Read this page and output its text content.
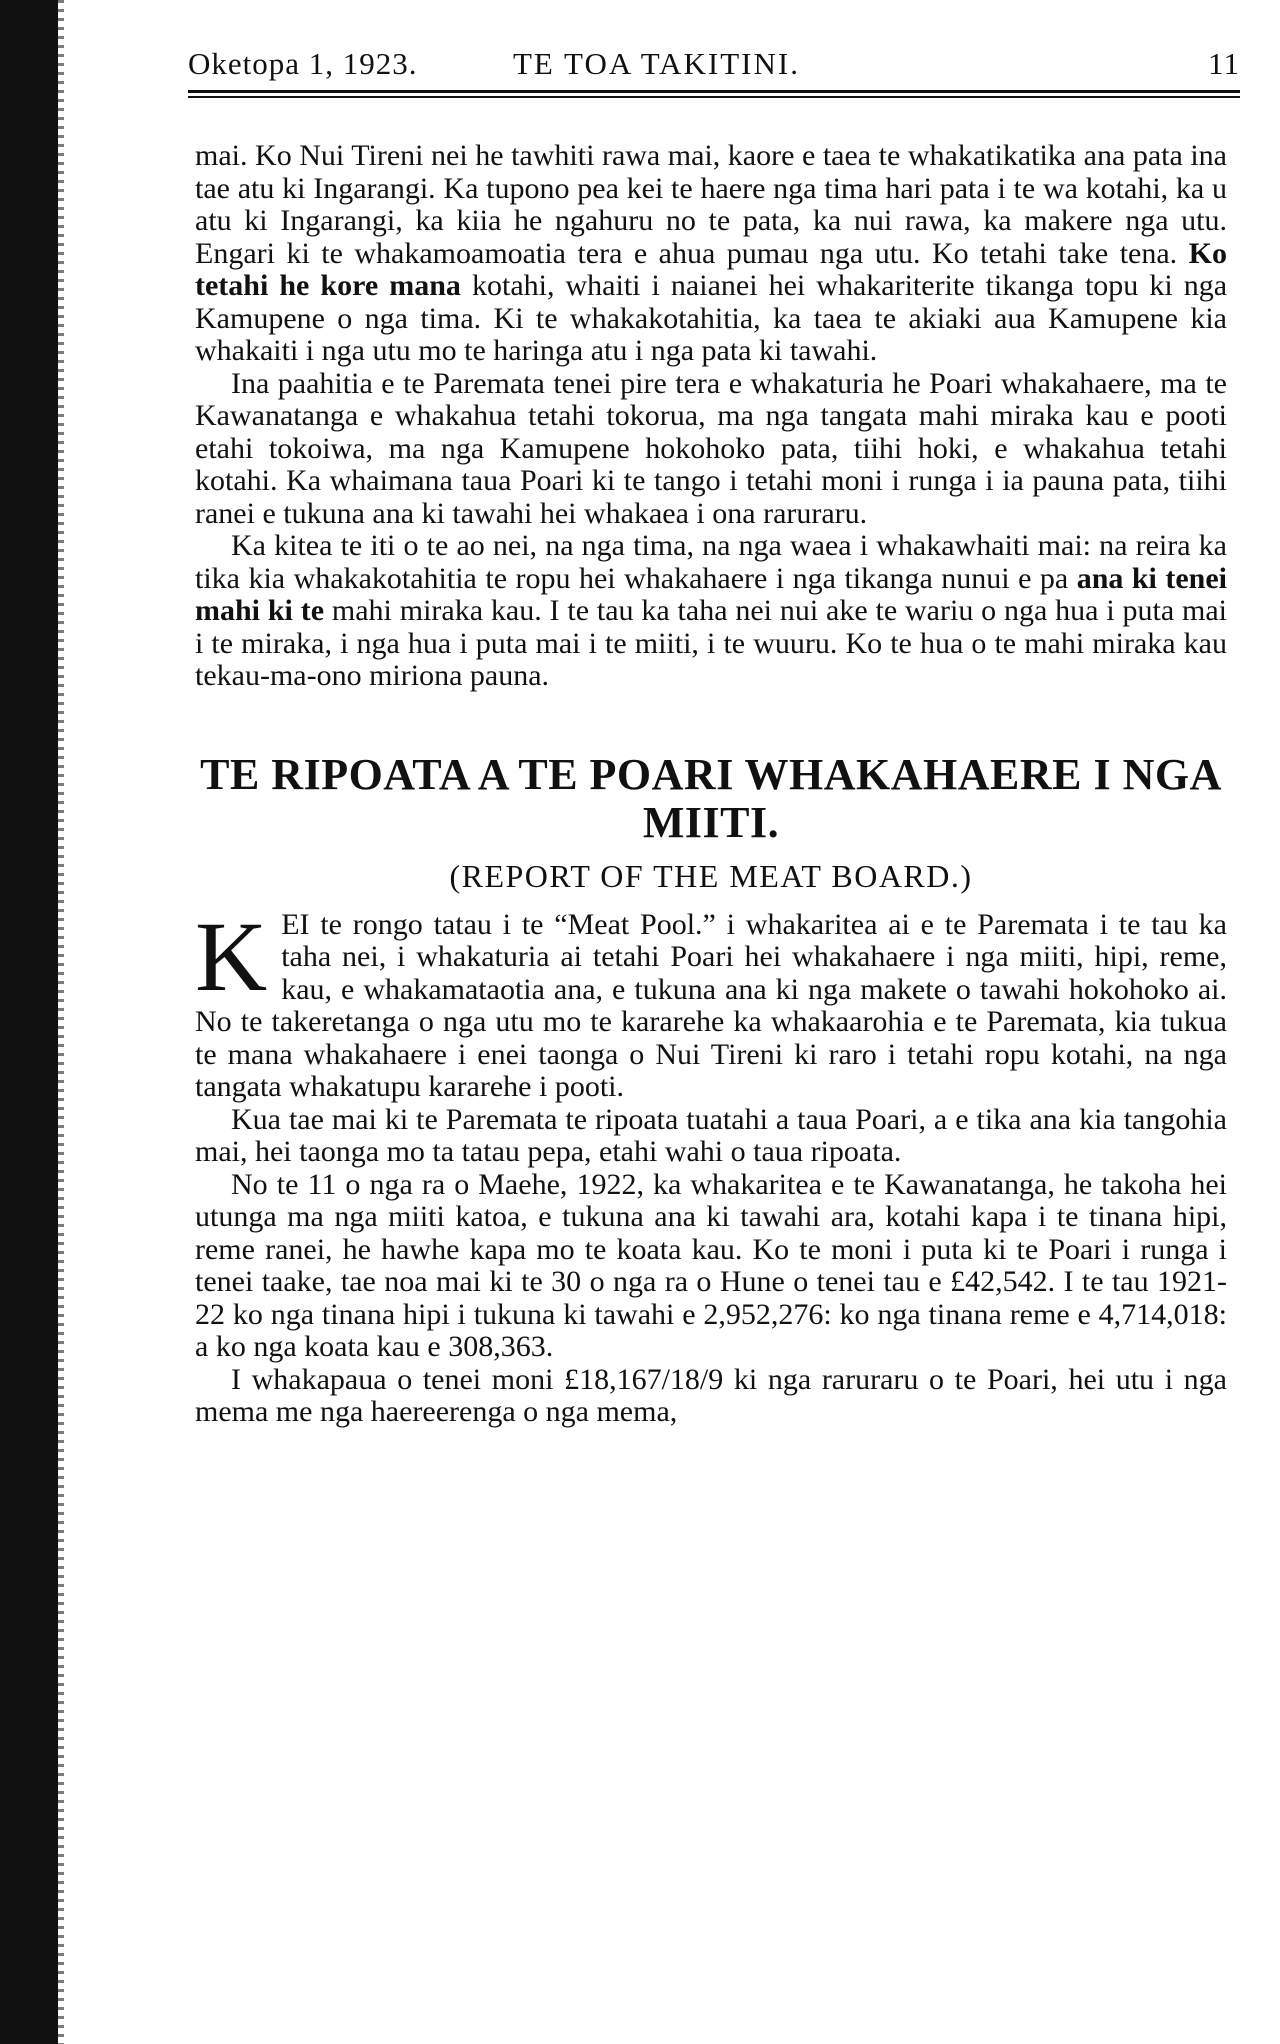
Oketopa 1, 1923.	TE TOA TAKITINI.	11

mai. Ko Nui Tireni nei he tawhiti rawa mai, kaore e taea te whakatikatika ana pata ina tae atu ki Ingarangi. Ka tupono pea kei te haere nga tima hari pata i te wa kotahi, ka u atu ki Ingarangi, ka kiia he ngahuru no te pata, ka nui rawa, ka makere nga utu. Engari ki te whakamoamoatia tera e ahua pumau nga utu. Ko tetahi take tena. Ko tetahi he kore mana kotahi, whaiti i naianei hei whakariterite tikanga topu ki nga Kamupene o nga tima. Ki te whakakotahitia, ka taea te akiaki aua Kamupene kia whakaiti i nga utu mo te haringa atu i nga pata ki tawahi.

Ina paahitia e te Paremata tenei pire tera e whakaturia he Poari whakahaere, ma te Kawanatanga e whakahua tetahi tokorua, ma nga tangata mahi miraka kau e pooti etahi tokoiwa, ma nga Kamupene hokohoko pata, tiihi hoki, e whakahua tetahi kotahi. Ka whaimana taua Poari ki te tango i tetahi moni i runga i ia pauna pata, tiihi ranei e tukuna ana ki tawahi hei whakaea i ona raruraru.

Ka kitea te iti o te ao nei, na nga tima, na nga waea i whakawhaiti mai: na reira ka tika kia whakakotahitia te ropu hei whakahaere i nga tikanga nunui e pa ana ki tenei mahi ki te mahi miraka kau. I te tau ka taha nei nui ake te wariu o nga hua i puta mai i te miraka, i nga hua i puta mai i te miiti, i te wuuru. Ko te hua o te mahi miraka kau tekau-ma-ono miriona pauna.

TE RIPOATA A TE POARI WHAKAHAERE I NGA MIITI.
(REPORT OF THE MEAT BOARD.)

KEI te rongo tatau i te “Meat Pool.” i whakaritea ai e te Paremata i te tau ka taha nei, i whakaturia ai tetahi Poari hei whakahaere i nga miiti, hipi, reme, kau, e whakamataotia ana, e tukuna ana ki nga makete o tawahi hokohoko ai. No te takeretanga o nga utu mo te kararehe ka whakaarohia e te Paremata, kia tukua te mana whakahaere i enei taonga o Nui Tireni ki raro i tetahi ropu kotahi, na nga tangata whakatupu kararehe i pooti.

Kua tae mai ki te Paremata te ripoata tuatahi a taua Poari, a e tika ana kia tangohia mai, hei taonga mo ta tatau pepa, etahi wahi o taua ripoata.

No te 11 o nga ra o Maehe, 1922, ka whakaritea e te Kawanatanga, he takoha hei utunga ma nga miiti katoa, e tukuna ana ki tawahi ara, kotahi kapa i te tinana hipi, reme ranei, he hawhe kapa mo te koata kau. Ko te moni i puta ki te Poari i runga i tenei taake, tae noa mai ki te 30 o nga ra o Hune o tenei tau e £42,542. I te tau 1921-22 ko nga tinana hipi i tukuna ki tawahi e 2,952,276: ko nga tinana reme e 4,714,018: a ko nga koata kau e 308,363.

I whakapaua o tenei moni £18,167/18/9 ki nga raruraru o te Poari, hei utu i nga mema me nga haereerenga o nga mema,
